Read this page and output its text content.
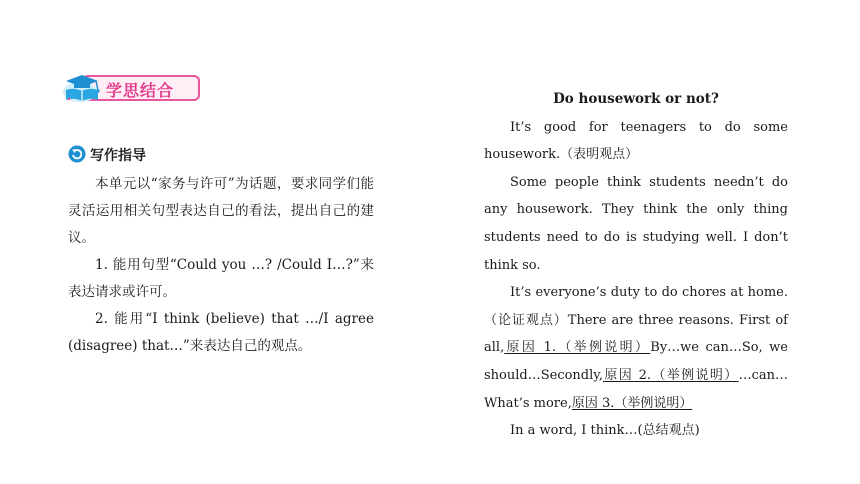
学思结合
写作指导

本单元以“家务与许可”为话题，要求同学们能灵活运用相关句型表达自己的看法，提出自己的建议。

1. 能用句型“Could you …? /Could I…?”来表达请求或许可。

2. 能用“I think (believe) that …/I agree (disagree) that…”来表达自己的观点。

Do housework or not?

It’s good for teenagers to do some housework.（表明观点）

Some people think students needn’t do any housework. They think the only thing students need to do is studying well. I don’t think so.

It’s everyone’s duty to do chores at home.（论证观点）There are three reasons. First of all,原因 1.（举例说明）By…we can…So, we should…Secondly,原因 2.（举例说明）…can…What’s more,原因 3.（举例说明）

In a word, I think…(总结观点)
